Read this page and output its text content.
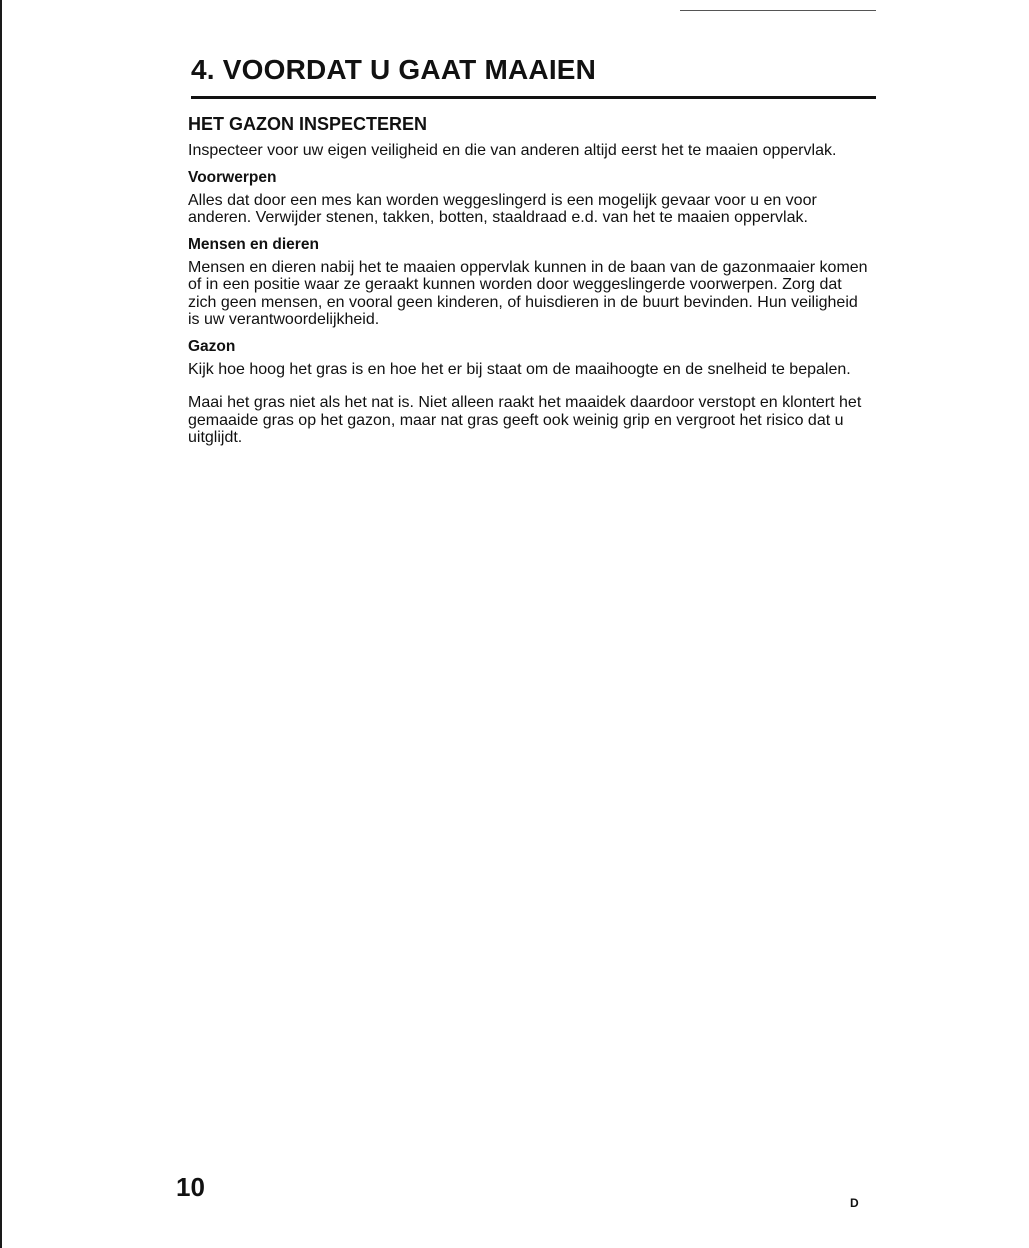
4. VOORDAT U GAAT MAAIEN
HET GAZON INSPECTEREN

Inspecteer voor uw eigen veiligheid en die van anderen altijd eerst het te maaien oppervlak.

Voorwerpen

Alles dat door een mes kan worden weggeslingerd is een mogelijk gevaar voor u en voor anderen. Verwijder stenen, takken, botten, staaldraad e.d. van het te maaien oppervlak.

Mensen en dieren

Mensen en dieren nabij het te maaien oppervlak kunnen in de baan van de gazonmaaier komen of in een positie waar ze geraakt kunnen worden door weggeslingerde voorwerpen. Zorg dat zich geen mensen, en vooral geen kinderen, of huisdieren in de buurt bevinden. Hun veiligheid is uw verantwoordelijkheid.

Gazon

Kijk hoe hoog het gras is en hoe het er bij staat om de maaihoogte en de snelheid te bepalen.

Maai het gras niet als het nat is. Niet alleen raakt het maaidek daardoor verstopt en klontert het gemaaide gras op het gazon, maar nat gras geeft ook weinig grip en vergroot het risico dat u uitglijdt.

10
D
